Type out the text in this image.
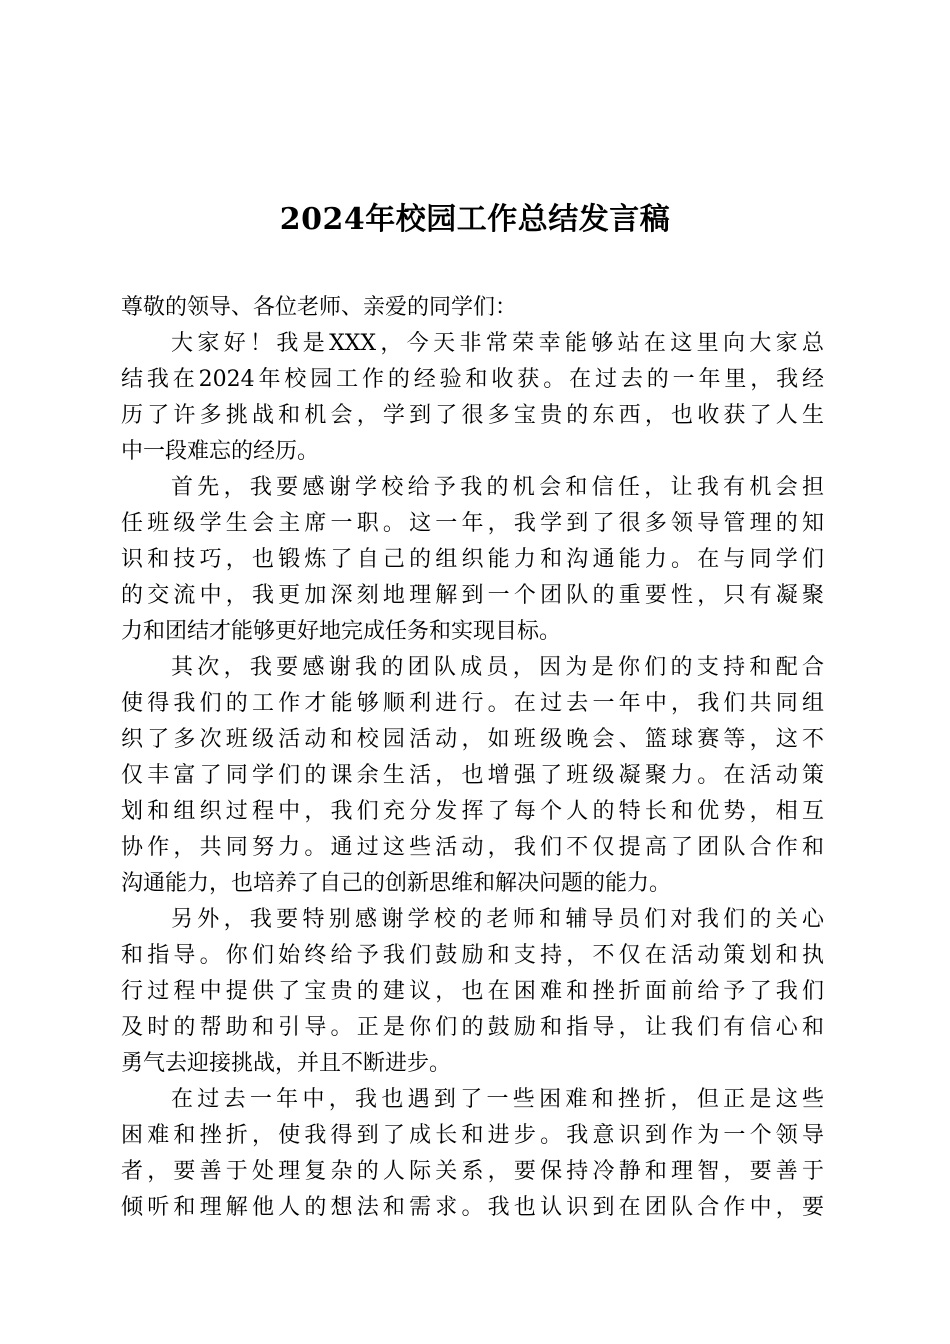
2024年校园工作总结发言稿
尊敬的领导、各位老师、亲爱的同学们：
大家好！我是XXX，今天非常荣幸能够站在这里向大家总
结我在2024年校园工作的经验和收获。在过去的一年里，我经
历了许多挑战和机会，学到了很多宝贵的东西，也收获了人生
中一段难忘的经历。
首先，我要感谢学校给予我的机会和信任，让我有机会担
任班级学生会主席一职。这一年，我学到了很多领导管理的知
识和技巧，也锻炼了自己的组织能力和沟通能力。在与同学们
的交流中，我更加深刻地理解到一个团队的重要性，只有凝聚
力和团结才能够更好地完成任务和实现目标。
其次，我要感谢我的团队成员，因为是你们的支持和配合
使得我们的工作才能够顺利进行。在过去一年中，我们共同组
织了多次班级活动和校园活动，如班级晚会、篮球赛等，这不
仅丰富了同学们的课余生活，也增强了班级凝聚力。在活动策
划和组织过程中，我们充分发挥了每个人的特长和优势，相互
协作，共同努力。通过这些活动，我们不仅提高了团队合作和
沟通能力，也培养了自己的创新思维和解决问题的能力。
另外，我要特别感谢学校的老师和辅导员们对我们的关心
和指导。你们始终给予我们鼓励和支持，不仅在活动策划和执
行过程中提供了宝贵的建议，也在困难和挫折面前给予了我们
及时的帮助和引导。正是你们的鼓励和指导，让我们有信心和
勇气去迎接挑战，并且不断进步。
在过去一年中，我也遇到了一些困难和挫折，但正是这些
困难和挫折，使我得到了成长和进步。我意识到作为一个领导
者，要善于处理复杂的人际关系，要保持冷静和理智，要善于
倾听和理解他人的想法和需求。我也认识到在团队合作中，要
